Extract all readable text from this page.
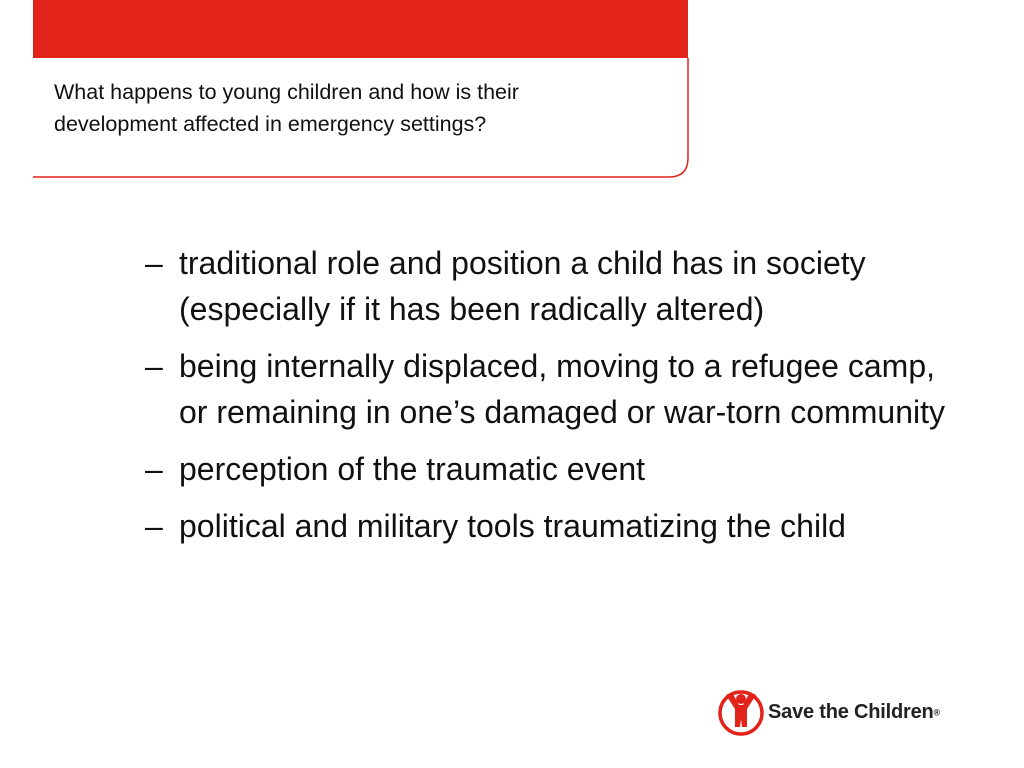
What happens to young children and how is their development affected in emergency settings?
– traditional role and position a child has in society (especially if it has been radically altered)
– being internally displaced, moving to a refugee camp, or remaining in one’s damaged or war-torn community
– perception of the traumatic event
– political and military tools traumatizing the child
Save the Children®
